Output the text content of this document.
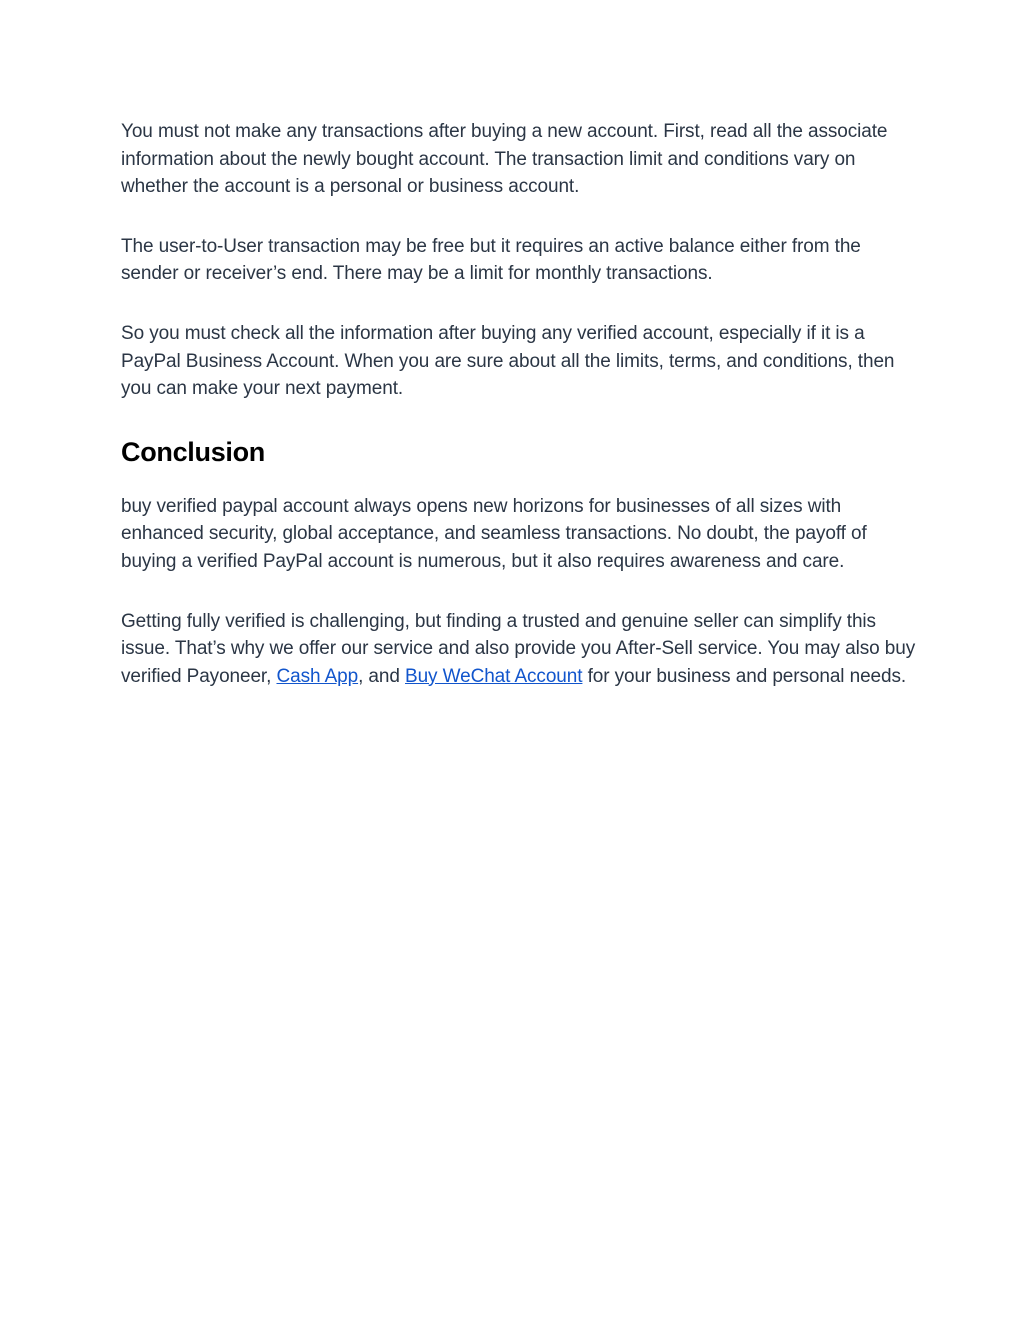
You must not make any transactions after buying a new account. First, read all the associate information about the newly bought account. The transaction limit and conditions vary on whether the account is a personal or business account.

The user-to-User transaction may be free but it requires an active balance either from the sender or receiver’s end. There may be a limit for monthly transactions.

So you must check all the information after buying any verified account, especially if it is a PayPal Business Account. When you are sure about all the limits, terms, and conditions, then you can make your next payment.

Conclusion

buy verified paypal account always opens new horizons for businesses of all sizes with enhanced security, global acceptance, and seamless transactions. No doubt, the payoff of buying a verified PayPal account is numerous, but it also requires awareness and care.

Getting fully verified is challenging, but finding a trusted and genuine seller can simplify this issue. That’s why we offer our service and also provide you After-Sell service. You may also buy verified Payoneer, Cash App, and Buy WeChat Account for your business and personal needs.
